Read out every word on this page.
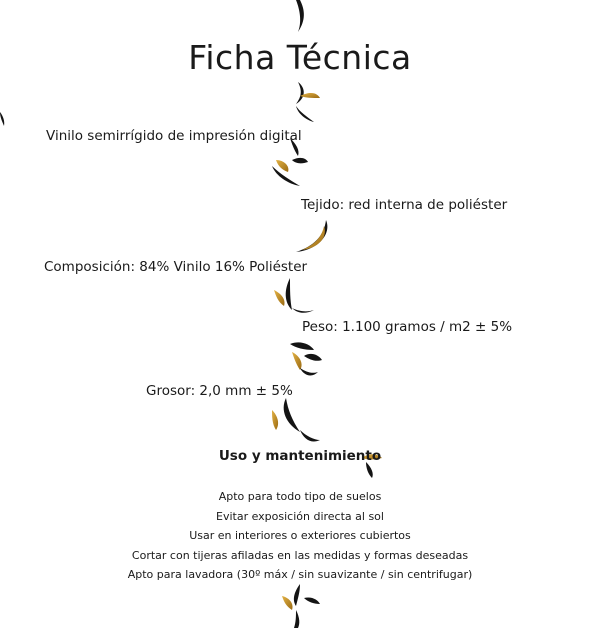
Ficha Técnica

Vinilo semirrígido de impresión digital

Tejido: red interna de poliéster

Composición: 84% Vinilo 16% Poliéster

Peso: 1.100 gramos / m2 ± 5%

Grosor: 2,0 mm ± 5%

Uso y mantenimiento
Apto para todo tipo de suelos
Evitar exposición directa al sol
Usar en interiores o exteriores cubiertos
Cortar con tijeras afiladas en las medidas y formas deseadas
Apto para lavadora (30º máx / sin suavizante / sin centrifugar)
